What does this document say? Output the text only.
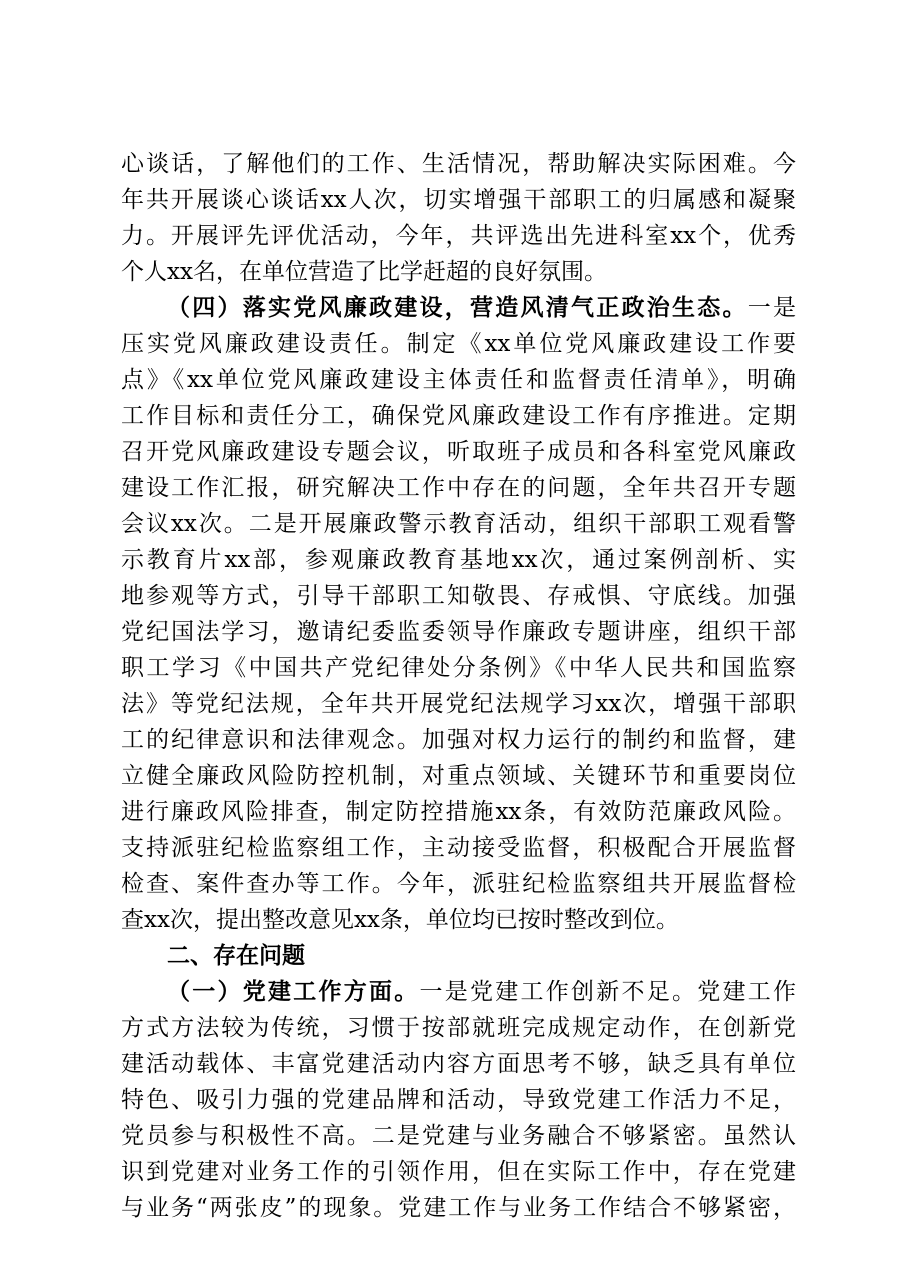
心谈话，了解他们的工作、生活情况，帮助解决实际困难。今
年共开展谈心谈话xx人次，切实增强干部职工的归属感和凝聚
力。开展评先评优活动，今年，共评选出先进科室xx个，优秀
个人xx名，在单位营造了比学赶超的良好氛围。
（四）落实党风廉政建设，营造风清气正政治生态。一是
压实党风廉政建设责任。制定《xx单位党风廉政建设工作要
点》《xx单位党风廉政建设主体责任和监督责任清单》，明确
工作目标和责任分工，确保党风廉政建设工作有序推进。定期
召开党风廉政建设专题会议，听取班子成员和各科室党风廉政
建设工作汇报，研究解决工作中存在的问题，全年共召开专题
会议xx次。二是开展廉政警示教育活动，组织干部职工观看警
示教育片xx部，参观廉政教育基地xx次，通过案例剖析、实
地参观等方式，引导干部职工知敬畏、存戒惧、守底线。加强
党纪国法学习，邀请纪委监委领导作廉政专题讲座，组织干部
职工学习《中国共产党纪律处分条例》《中华人民共和国监察
法》等党纪法规，全年共开展党纪法规学习xx次，增强干部职
工的纪律意识和法律观念。加强对权力运行的制约和监督，建
立健全廉政风险防控机制，对重点领域、关键环节和重要岗位
进行廉政风险排查，制定防控措施xx条，有效防范廉政风险。
支持派驻纪检监察组工作，主动接受监督，积极配合开展监督
检查、案件查办等工作。今年，派驻纪检监察组共开展监督检
查xx次，提出整改意见xx条，单位均已按时整改到位。
二、存在问题
（一）党建工作方面。一是党建工作创新不足。党建工作
方式方法较为传统，习惯于按部就班完成规定动作，在创新党
建活动载体、丰富党建活动内容方面思考不够，缺乏具有单位
特色、吸引力强的党建品牌和活动，导致党建工作活力不足，
党员参与积极性不高。二是党建与业务融合不够紧密。虽然认
识到党建对业务工作的引领作用，但在实际工作中，存在党建
与业务“两张皮”的现象。党建工作与业务工作结合不够紧密，
